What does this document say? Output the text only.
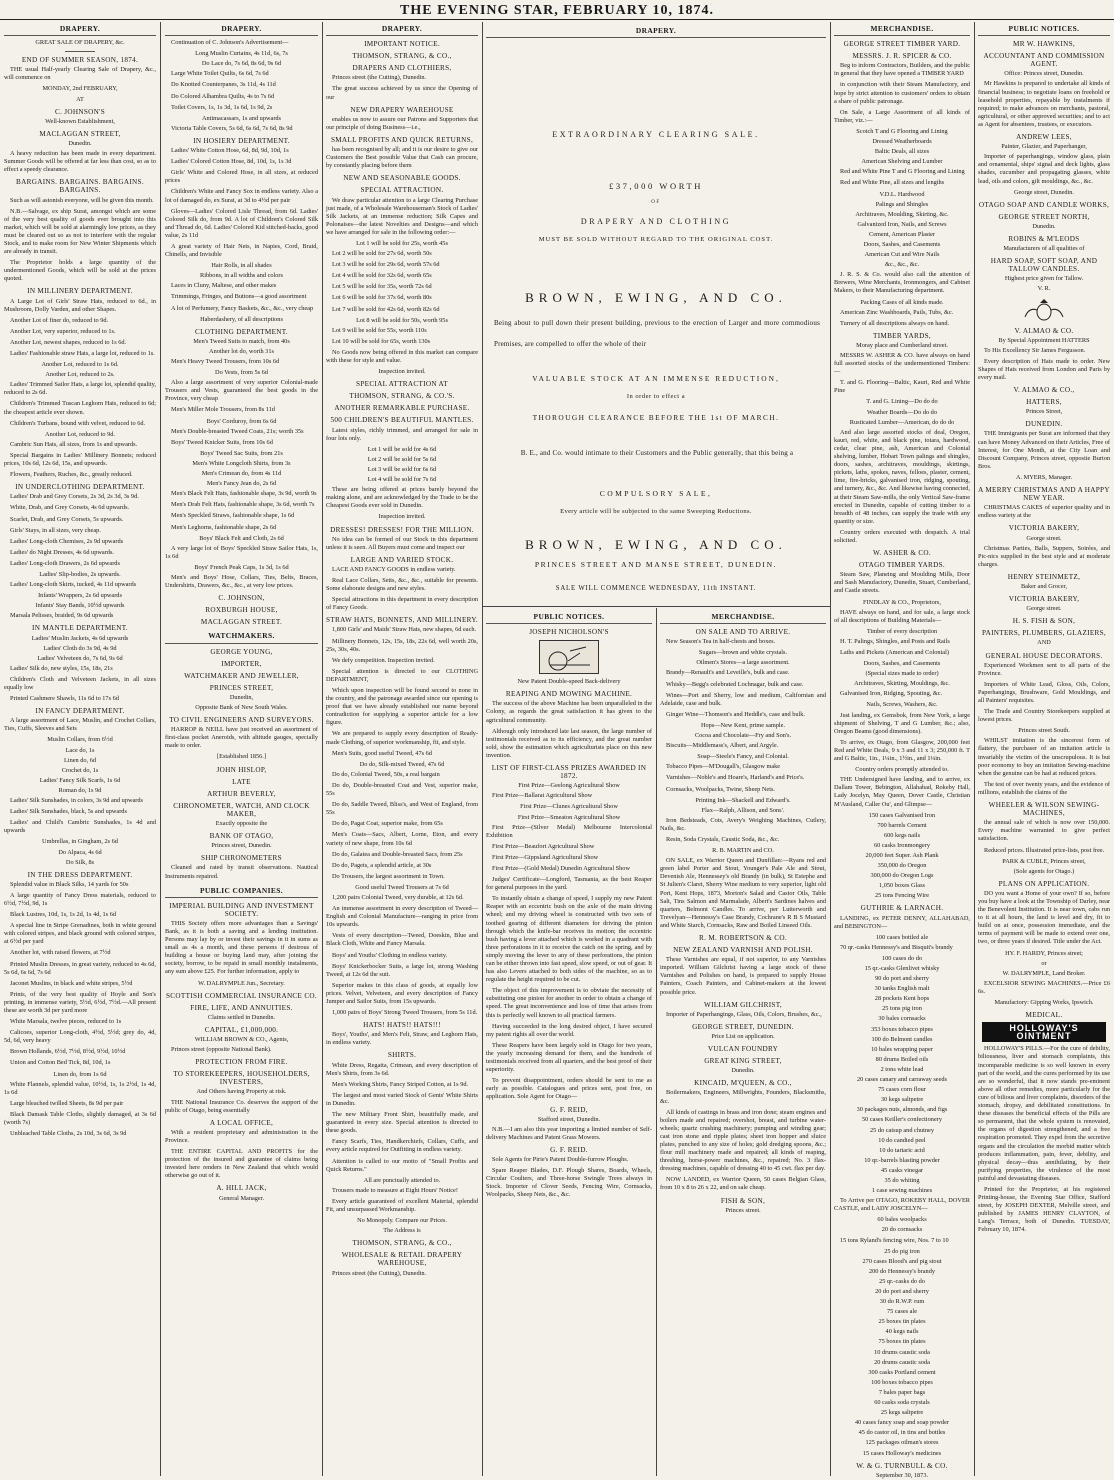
THE EVENING STAR, FEBRUARY 10, 1874.
DRAPERY.
GREAT SALE OF DRAPERY, &c.
END OF SUMMER SEASON, 1874.
THE usual Half-yearly Clearing Sale of Drapery, &c., will commence on
MONDAY, 2nd FEBRUARY,
AT
C. JOHNSON'S
Well-known Establishment,
MACLAGGAN STREET,
Dunedin.
A heavy reduction has been made in every department. Summer Goods will be offered at far less than cost, so as to effect a speedy clearance.
BARGAINS. BARGAINS. BARGAINS. BARGAINS.
Such as will astonish everyone, will be given this month.
N.B.—Salvage, ex ship Surat, amongst which are some of the very best quality of goods ever brought into this market, which will be sold at alarmingly low prices, as they must be cleared out so as not to interfere with the regular Stock, and to make room for New Winter Shipments which are already in transit.
The Proprietor holds a large quantity of the undermentioned Goods, which will be sold at the prices quoted.
IN MILLINERY DEPARTMENT.
A Large Lot of Girls' Straw Hats, reduced to 6d., in Mushroom, Dolly Varden, and other Shapes.
Another Lot of finer do, reduced to 9d.
Another Lot, very superior, reduced to 1s.
Another Lot, newest shapes, reduced to 1s 6d.
Ladies' Fashionable straw Hats, a large lot, reduced to 1s.
Another Lot, reduced to 1s 6d.
Another Lot, reduced to 2s.
Ladies' Trimmed Sailor Hats, a large lot, splendid quality, reduced to 2s 6d.
Children's Trimmed Tuscan Leghorn Hats, reduced to 6d; the cheapest article ever shown.
Children's Turbans, bound with velvet, reduced to 6d.
Another Lot, reduced to 9d.
Cambric Sun Hats, all sizes, from 1s and upwards.
Special Bargains in Ladies' Millinery Bonnets; reduced prices, 10s 6d, 12s 6d, 15s, and upwards.
Flowers, Feathers, Ruches, &c., greatly reduced.
IN UNDERCLOTHING DEPARTMENT.
Ladies' Drab and Grey Corsets, 2s 3d, 2s 3d, 3s 9d.
White, Drab, and Grey Corsets, 4s 6d upwards.
Scarlet, Drab, and Grey Corsets, 5s upwards.
Girls' Stays, in all sizes, very cheap.
Ladies' Long-cloth Chemises, 2s 9d upwards
Ladies' do Night Dresses, 4s 6d upwards.
Ladies' Long-cloth Drawers, 2s 6d upwards
Ladies' Slip-bodies, 2s upwards.
Ladies' Long-cloth Skirts, tucked, 4s 11d upwards
Infants' Wrappers, 2s 6d upwards
Infants' Stay Bands, 10½d upwards
Marsala Pelisses, braided, 9s 6d upwards
IN MANTLE DEPARTMENT.
Ladies' Muslin Jackets, 4s 6d upwards
Ladies' Cloth do 3s 9d, 4s 9d
Ladies' Velveteen do, 7s 6d, 9s 6d
Ladies' Silk do, new styles, 15s, 18s, 21s
Children's Cloth and Velveteen Jackets, in all sizes equally low
Printed Cashmere Shawls, 11s 6d to 17s 6d
IN FANCY DEPARTMENT.
A large assortment of Lace, Muslin, and Crochet Collars, Ties, Cuffs, Sleeves and Sets
Muslin Collars, from 6½d
Lace do, 1s
Linen do, 6d
Crochet do, 1s
Ladies' Fancy Silk Scarfs, 1s 6d
Roman do, 1s 9d
Ladies' Silk Sunshades, in colors, 3s 9d and upwards
Ladies' Silk Sunshades, black, 5s and upwards
Ladies' and Child's Cambric Sunshades, 1s 4d and upwards
Umbrellas, in Gingham, 2s 6d
Do Alpaca, 4s 6d
Do Silk, 8s
IN THE DRESS DEPARTMENT.
Splendid value in Black Silks, 14 yards for 50s
A large quantity of Fancy Dress materials, reduced to 6½d, 7½d, 9d, 1s
Black Lustres, 10d, 1s, 1s 2d, 1s 4d, 1s 6d
A special line in Stripe Grenadines, both in white ground with colored stripes, and black ground with colored stripes, at 6½d per yard
Another lot, with raised flowers, at 7½d
Printed Muslin Dresses, in great variety, reduced to 4s 6d, 5s 6d, 6s 6d, 7s 6d
Jaconet Muslins, in black and white stripes, 5½d
Prints, of the very best quality of Hoyle and Son's printing, in immense variety, 5½d, 6½d, 7½d.—All present these are worth 3d per yard more
White Marsala, twelve pieces, reduced to 1s
Calicoes, superior Long-cloth, 4½d, 5½d; grey do, 4d, 5d, 6d, very heavy
Brown Hollands, 6½d, 7½d, 8½d, 9½d, 10½d
Union and Cotton Bed Tick, 8d, 10d, 1s
Linen do, from 1s 6d
White Flannels, splendid value, 10½d, 1s, 1s 2½d, 1s 4d, 1s 6d
Large bleached twilled Sheets, 8s 9d per pair
Black Damask Table Cloths, slightly damaged, at 3s 6d (worth 7s)
Unbleached Table Cloths, 2s 10d, 3s 6d, 3s 9d
DRAPERY.
Continuation of C. Johnson's Advertisement—
Long Muslin Curtains, 4s 11d, 6s, 7s
Do Lace do, 7s 6d, 8s 6d, 9s 6d
Large White Toilet Quilts, 6s 6d, 7s 6d
Do Knotted Counterpanes, 3s 11d, 4s 11d
Do Colored Alhambra Quilts, 4s to 7s 6d
Toilet Covers, 1s, 1s 3d, 1s 6d, 1s 9d, 2s
Antimacassars, 1s and upwards
Victoria Table Covers, 5s 6d, 6s 6d, 7s 6d, 8s 9d
IN HOSIERY DEPARTMENT.
Ladies' White Cotton Hose, 6d, 8d, 9d, 10d, 1s
Ladies' Colored Cotton Hose, 8d, 10d, 1s, 1s 3d
Girls' White and Colored Hose, in all sizes, at reduced prices
Children's White and Fancy Sox in endless variety. Also a lot of damaged do, ex Surat, at 3d to 4½d per pair
Gloves—Ladies' Colored Lisle Thread, from 6d. Ladies' Colored Silk do, from 9d. A lot of Children's Colored Silk and Thread do, 6d. Ladies' Colored Kid stitched-backs, good value, 2s 11d
A great variety of Hair Nets, in Napies, Cord, Braid, Chinells, and Invisible
Hair Rolls, in all shades
Ribbons, in all widths and colors
Laces in Cluny, Maltese, and other makes
Trimmings, Fringes, and Buttons—a good assortment
A lot of Perfumery, Fancy Baskets, &c., &c., very cheap
Haberdashery, of all descriptions
CLOTHING DEPARTMENT.
Men's Tweed Suits to match, from 40s
Another lot do, worth 31s
Men's Heavy Tweed Trousers, from 10s 6d
Do Vests, from 5s 6d
Also a large assortment of very superior Colonial-made Trousers and Vests, guaranteed the best goods in the Province, very cheap
Men's Miller Mole Trousers, from 8s 11d
Boys' Corduroy, from 6s 6d
Men's Double-breasted Tweed Coats, 21s; worth 35s
Boys' Tweed Knicker Suits, from 10s 6d
Boys' Tweed Sac Suits, from 21s
Men's White Longcloth Shirts, from 3s
Men's Crimean do, from 4s 11d
Men's Fancy Jean do, 2s 6d
Men's Black Felt Hats, fashionable shape, 3s 9d, worth 9s
Men's Drab Felt Hats, fashionable shape, 3s 6d, worth 7s
Men's Speckled Straws, fashionable shape, 1s 6d
Men's Leghorns, fashionable shape, 2s 6d
Boys' Black Felt and Cloth, 2s 6d
A very large lot of Boys' Speckled Straw Sailor Hats, 1s, 1s 6d
Boys' French Peak Caps, 1s 3d, 1s 6d
Men's and Boys' Hose, Collars, Ties, Belts, Braces, Undershirts, Drawers, &c., &c., at very low prices.
C. JOHNSON,
ROXBURGH HOUSE,
MACLAGGAN STREET.
WATCHMAKERS.
GEORGE YOUNG,
IMPORTER,
WATCHMAKER AND JEWELLER,
PRINCES STREET,
Dunedin,
Opposite Bank of New South Wales.
TO CIVIL ENGINEERS AND SURVEYORS.
HARROP & NEILL have just received an assortment of first-class pocket Aneroids, with altitude gauges, specially made to order.
[Established 1856.]
JOHN HISLOP,
LATE
ARTHUR BEVERLY,
CHRONOMETER, WATCH, AND CLOCK MAKER,
Exactly opposite the
BANK OF OTAGO,
Princes street, Dunedin.
SHIP CHRONOMETERS
Cleaned and rated by transit observations. Nautical Instruments repaired.
PUBLIC COMPANIES.
IMPERIAL BUILDING AND INVESTMENT SOCIETY.
THIS Society offers more advantages than a Savings' Bank, as it is both a saving and a lending institution. Persons may lay by or invest their savings in it in sums as small as 4s a month, and these persons if desirous of building a house or buying land may, after joining the society, borrow, to be repaid in small monthly instalments, any sum above £25. For further information, apply to
W. DALRYMPLE Jun., Secretary.
SCOTTISH COMMERCIAL INSURANCE CO.
FIRE, LIFE, AND ANNUITIES.
Claims settled in Dunedin.
CAPITAL, £1,000,000.
WILLIAM BROWN & CO., Agents,
Princes street (opposite National Bank).
PROTECTION FROM FIRE.
TO STOREKEEPERS, HOUSEHOLDERS, INVESTERS,
And Others having Property at risk.
THE National Insurance Co. deserves the support of the public of Otago, being essentially
A LOCAL OFFICE,
With a resident proprietary and administration in the Province.
THE ENTIRE CAPITAL AND PROFITS for the protection of the insured and guarantee of claims being invested here renders in New Zealand that which would otherwise go out of it.
A. HILL JACK,
General Manager.
DRAPERY.
IMPORTANT NOTICE.
THOMSON, STRANG, & CO.,
DRAPERS AND CLOTHIERS,
Princes street (the Cutting), Dunedin.
The great success achieved by us since the Opening of our
NEW DRAPERY WAREHOUSE
enables us now to assure our Patrons and Supporters that our principle of doing Business—i.e.,
SMALL PROFITS AND QUICK RETURNS,
has been recognised by all; and it is our desire to give our Customers the Best possible Value that Cash can procure, by constantly placing before them
NEW AND SEASONABLE GOODS.
SPECIAL ATTRACTION.
We draw particular attention to a large Clearing Purchase just made, of a Wholesale Warehouseman's Stock of Ladies' Silk Jackets, at an immense reduction; Silk Capes and Polonaises—the latest Novelties and Designs—and which we have arranged for sale in the following order:—
Lot 1 will be sold for 25s, worth 45s
Lot 2 will be sold for 27s 6d, worth 50s
Lot 3 will be sold for 29s 6d, worth 57s 6d
Lot 4 will be sold for 32s 6d, worth 65s
Lot 5 will be sold for 35s, worth 72s 6d
Lot 6 will be sold for 37s 6d, worth 80s
Lot 7 will be sold for 42s 6d, worth 82s 6d
Lot 8 will be sold for 50s, worth 95s
Lot 9 will be sold for 55s, worth 110s
Lot 10 will be sold for 65s, worth 130s
No Goods now being offered in this market can compare with these for style and value.
Inspection invited.
SPECIAL ATTRACTION AT
THOMSON, STRANG, & CO.'S.
ANOTHER REMARKABLE PURCHASE.
500 CHILDREN'S BEAUTIFUL MANTLES.
Latest styles, richly trimmed, and arranged for sale in four lots only.
Lot 1 will be sold for 4s 6d
Lot 2 will be sold for 5s 6d
Lot 3 will be sold for 6s 6d
Lot 4 will be sold for 7s 6d
These are being offered at prices barely beyond the making alone, and are acknowledged by the Trade to be the Cheapest Goods ever sold in Dunedin.
Inspection invited.
DRESSES! DRESSES! FOR THE MILLION.
No idea can be formed of our Stock in this department unless it is seen. All Buyers must come and inspect our
LARGE AND VARIED STOCK.
LACE AND FANCY GOODS in endless variety.
Real Lace Collars, Setts, &c., &c., suitable for presents. Some elaborate designs and new styles.
Special attractions in this department in every description of Fancy Goods.
STRAW HATS, BONNETS, AND MILLINERY.
1,800 Girls' and Maids' Straw Hats, new shapes, 6d each.
Millinery Bonnets, 12s, 15s, 18s, 22s 6d, well worth 20s, 25s, 30s, 40s.
We defy competition. Inspection invited.
Special attention is directed to our CLOTHING DEPARTMENT,
Which upon inspection will be found second to none in the country, and the patronage awarded since our opening is proof that we have already established our name beyond contradiction for supplying a superior article for a low figure.
We are prepared to supply every description of Ready-made Clothing, of superior workmanship, fit, and style.
Men's Suits, good useful Tweed, 47s 6d
Do do, Silk-mixed Tweed, 47s 6d
Do do, Colonial Tweed, 50s, a real bargain
Do do, Double-breasted Coat and Vest, superior make, 55s
Do do, Saddle Tweed, Bliss's, and West of England, from 55s
Do do, Pagat Coat, superior make, from 65s
Men's Coats—Sacs, Albert, Lorne, Eton, and every variety of new shape, from 10s 6d
Do do, Galatea and Double-breasted Sacs, from 25s
Do do, Pagets, a splendid article, at 30s
Do Trousers, the largest assortment in Town.
Good useful Tweed Trousers at 7s 6d
1,200 pairs Colonial Tweed, very durable, at 12s 6d.
An immense assortment in every description of Tweed—English and Colonial Manufacture—ranging in price from 10s upwards.
Vests of every description—Tweed, Doeskin, Blue and Black Cloth, White and Fancy Marsala.
Boys' and Youths' Clothing in endless variety.
Boys' Knickerbocker Suits, a large lot, strong Washing Tweed, at 12s 6d the suit.
Superior makes in this class of goods, at equally low prices. Velvet, Velveteen, and every description of Fancy Jumper and Sailor Suits, from 15s upwards.
1,000 pairs of Boys' Strong Tweed Trousers, from 5s 11d.
HATS! HATS!! HATS!!!
Boys', Youths', and Men's Felt, Straw, and Leghorn Hats, in endless variety.
SHIRTS.
White Dress, Regatta, Crimean, and every description of Men's Shirts, from 3s 6d.
Men's Working Shirts, Fancy Striped Cotton, at 1s 9d.
The largest and most varied Stock of Gents' White Shirts in Dunedin.
The new Military Front Shirt, beautifully made, and guaranteed in every size. Special attention is directed to these goods.
Fancy Scarfs, Ties, Handkerchiefs, Collars, Cuffs, and every article required for Outfitting in endless variety.
Attention is called to our motto of "Small Profits and Quick Returns."
All are punctually attended to.
Trousers made to measure at Eight Hours' Notice!
Every article guaranteed of excellent Material, splendid Fit, and unsurpassed Workmanship.
No Monopoly. Compare our Prices.
The Address is
THOMSON, STRANG, & CO.,
WHOLESALE & RETAIL DRAPERY WAREHOUSE,
Princes street (the Cutting), Dunedin.
DRAPERY.
EXTRAORDINARY CLEARING SALE.
£37,000 WORTH
OF
DRAPERY AND CLOTHING
MUST BE SOLD WITHOUT REGARD TO THE ORIGINAL COST.
BROWN, EWING, AND CO.
Being about to pull down their present building, previous to the erection of Larger and more commodious Premises, are compelled to offer the whole of their
VALUABLE STOCK AT AN IMMENSE REDUCTION,
In order to effect a
THOROUGH CLEARANCE BEFORE THE 1st OF MARCH.
B. E., and Co. would intimate to their Customers and the Public generally, that this being a
COMPULSORY SALE,
Every article will be subjected to the same Sweeping Reductions.
BROWN, EWING, AND CO.
PRINCES STREET AND MANSE STREET, DUNEDIN.
SALE WILL COMMENCE WEDNESDAY, 11th INSTANT.
PUBLIC NOTICES.
JOSEPH NICHOLSON'S
New Patent Double-speed Back-delivery
REAPING AND MOWING MACHINE.
The success of the above Machine has been unparalleled in the Colony, as regards the great satisfaction it has given to the agricultural community.
Although only introduced late last season, the large number of testimonials received as to its efficiency, and the great number sold, show the estimation which agriculturists place on this new invention.
LIST OF FIRST-CLASS PRIZES AWARDED IN 1872.
First Prize—Geelong Agricultural Show
First Prize—Ballarat Agricultural Show
First Prize—Clunes Agricultural Show
First Prize—Smeaton Agricultural Show
First Prize—(Silver Medal) Melbourne Intercolonial Exhibition
First Prize—Beaufort Agricultural Show
First Prize—Gippsland Agricultural Show
First Prize—(Gold Medal) Dunedin Agricultural Show
Judges' Certificate—Longford, Tasmania, as the best Reaper for general purposes in the yard.
To instantly obtain a change of speed, I supply my new Patent Reaper with an eccentric bush on the axle of the main driving wheel; and my driving wheel is constructed with two sets of toothed gearing of different diameters for driving the pinion through which the knife-bar receives its motion; the eccentric bush having a lever attached which is worked in a quadrant with three perforations in it to receive the catch on the spring, and by simply moving the lever to any of these perforations, the pinion can be either thrown into fast speed, slow speed, or out of gear. It has also Levers attached to both sides of the machine, so as to regulate the height required to be cut.
The object of this improvement is to obviate the necessity of substituting one pinion for another in order to obtain a change of speed. The great inconvenience and loss of time that arises from this is perfectly well known to all practical farmers.
Having succeeded in the long desired object, I have secured my patent rights all over the world.
These Reapers have been largely sold in Otago for two years, the yearly increasing demand for them, and the hundreds of testimonials received from all quarters, and the best proof of their superiority.
To prevent disappointment, orders should be sent to me as early as possible. Catalogues and prices sent, post free, on application. Sole Agent for Otago—
G. F. REID,
Stafford street, Dunedin.
N.B.—I am also this year importing a limited number of Self-delivery Machines and Patent Grass Mowers.
G. F. REID.
Sole Agents for Pirie's Patent Double-furrow Ploughs.
Spare Reaper Blades, D.F. Plough Shares, Boards, Wheels, Circular Coulters, and Three-horse Swingle Trees always in Stock. Importer of Clover Seeds, Fencing Wire, Cornsacks, Woolpacks, Sheep Nets, &c., &c.
MERCHANDISE.
ON SALE AND TO ARRIVE.
New Season's Tea in half-chests and boxes.
Sugars—brown and white crystals.
Oilmen's Stores—a large assortment.
Brandy—Renault's and Leveille's, bulk and case.
Whisky—Begg's celebrated Lochnagar, bulk and case.
Wines—Port and Sherry, low and medium, Californian and Adelaide, case and bulk.
Ginger Wine—Thomson's and Heddle's, case and bulk.
Hops—New Kent, prime sample.
Cocoa and Chocolate—Fry and Son's.
Biscuits—Middlemass's, Albert, and Argyle.
Soap—Steele's Fancy, and Colonial.
Tobacco Pipes—M'Dougall's, Glasgow make
Varnishes—Noble's and Hoare's, Harland's and Price's.
Cornsacks, Woolpacks, Twine, Sheep Nets.
Printing Ink—Shackell and Edward's.
Flax—Ralph, Allison, and Sons'.
Iron Bedsteads, Cots, Avery's Weighing Machines, Cutlery, Nails, &c.
Resin, Soda Crystals, Caustic Soda, &c., &c.
R. B. MARTIN and CO.
ON SALE, ex Warrior Queen and Dunfillan:—Ryans red and green label Porter and Stout, Younger's Pale Ale and Stout, Devenish Ale, Hennessey's old Brandy (in bulk), St Estephe and St Julien's Claret, Sherry Wine medium to very superior, light old Port, Kent Hops, 1873, Morton's Salad and Castor Oils, Table Salt, Tins Salmon and Marmalade, Albert's Sardines halves and quarters, Belmont Candles. To arrive, per Lutterworth and Trevelyan—Hennessy's Case Brandy, Cochrane's R B S Mustard and White Starch, Cornsacks, Raw and Boiled Linseed Oils.
R. M. ROBERTSON & CO.
NEW ZEALAND VARNISH AND POLISH.
These Varnishes are equal, if not superior, to any Varnishes imported. William Gilchrist having a large stock of these Varnishes and Polishes on hand, is prepared to supply House Painters, Coach Painters, and Cabinet-makers at the lowest possible price.
WILLIAM GILCHRIST,
Importer of Paperhangings, Glass, Oils, Colors, Brushes, &c.,
GEORGE STREET, DUNEDIN.
Price List on application.
VULCAN FOUNDRY
GREAT KING STREET,
Dunedin.
KINCAID, M'QUEEN, & CO.,
Boilermakers, Engineers, Millwrights, Founders, Blacksmiths, &c.
All kinds of castings in brass and iron done; steam engines and boilers made and repaired; overshot, breast, and turbine water-wheels; quartz crushing machinery; pumping and winding gear; cast iron stone and ripple plates; sheet iron hopper and sluice plates, punched to any size of holes; gold dredging spoons, &c.; flour mill machinery made and repaired; all kinds of reaping, threshing, horse-power machines, &c., repaired; No. 3 flax-dressing machines, capable of dressing 40 to 45 cwt. flax per day.
NOW LANDED, ex Warrior Queen, 50 cases Belgian Glass, from 10 x 8 to 26 x 22, and on sale cheap.
FISH & SON,
Princes street.
MERCHANDISE.
GEORGE STREET TIMBER YARD.
MESSRS. J. R. SPICER & CO.
Beg to inform Contractors, Builders, and the public in general that they have opened a TIMBER YARD
in conjunction with their Steam Manufactory, and hope by strict attention to customers' orders to obtain a share of public patronage.
On Sale, a Large Assortment of all kinds of Timber, viz.:—
Scotch T and G Flooring and Lining
Dressed Weatherboards
Baltic Deals, all sizes
American Shelving and Lumber
Red and White Pine T and G Flooring and Lining
Red and White Pine, all sizes and lengths
V.D.L. Hardwood
Palings and Shingles
Architraves, Moulding, Skirting, &c.
Galvanized Iron, Nails, and Screws
Cement, American Plaster
Doors, Sashes, and Casements
American Cut and Wire Nails
&c., &c., &c.
J. R. S. & Co. would also call the attention of Brewers, Wine Merchants, Ironmongers, and Cabinet Makers, to their Manufacturing department.
Packing Cases of all kinds made.
American Zinc Washboards, Pails, Tubs, &c.
Turnery of all descriptions always on hand.
TIMBER YARDS,
Moray place and Cumberland street.
MESSRS W. ASHER & CO. have always on hand full assorted stocks of the undermentioned Timbers:—
T. and G. Flooring—Baltic, Kauri, Red and White Pine
T. and G. Lining—Do do do
Weather Boards—Do do do
Rusticated Lumber—American, do do do
And also large assorted stocks of deal, Oregon, kauri, red, white, and black pine, totara, hardwood, cedar, clear pine, ash, American and Colonial shelving, lumber, Hobart Town palings and shingles, doors, sashes, architraves, mouldings, skirtings, pickets, laths, spokes, naves, felloes, plaster, cement, lime, fire-bricks, galvanised iron, ridging, spouting, and turnery, &c., &c. And likewise having connected, at their Steam Saw-mills, the only Vertical Saw-frame erected in Dunedin, capable of cutting timber to a breadth of 48 inches, can supply the trade with any quantity or size.
Country orders executed with despatch. A trial solicited.
W. ASHER & CO.
OTAGO TIMBER YARDS.
Steam Saw, Planeing and Moulding Mills, Door and Sash Manufactory, Dunedin, Stuart, Cumberland, and Castle streets.
FINDLAY & CO., Proprietors,
HAVE always on hand, and for sale, a large stock of all descriptions of Building Materials—
Timber of every description
H. T. Palings, Shingles, and Posts and Rails
Laths and Pickets (American and Colonial)
Doors, Sashes, and Casements
(Special sizes made to order)
Architraves, Skirting, Mouldings, &c.
Galvanised Iron, Ridging, Spouting, &c.
Nails, Screws, Washers, &c.
Just landing, ex Gemsbok, from New York, a large shipment of Shelving, T and G Lumber, &c.; also, Oregon Beams (good dimensions).
To arrive, ex Otago, from Glasgow, 200,000 feet Red and White Deals, 9 x 3 and 11 x 3; 250,000 ft. T and G Baltic, 1in., 1¼in., 1½in., and 1¼in.
Country orders promptly attended to.
THE Undersigned have landing, and to arrive, ex Dallam Tower, Bebington, Allahabad, Rokeby Hall, Lady Jocelyn, May Queen, Dover Castle, Christian M'Ausland, Caller Ou', and Glimpse—
150 cases Galvanised Iron
700 barrels Cement
600 kegs nails
60 casks Ironmongery
20,000 feet Super. Ash Plank
350,000 do Oregon
300,000 do Oregon Logs
1,050 boxes Glass
25 tons Fencing Wire
GUTHRIE & LARNACH.
LANDING, ex PETER DENNY, ALLAHABAD, and BEBINGTON—
100 cases bottled ale
70 qr.-casks Hennessy's and Bisquit's brandy
100 cases do do
15 qr.-casks Glenlivet whisky
90 do port and sherry
30 tanks English malt
28 pockets Kent hops
25 tons pig iron
30 bales cornsacks
353 boxes tobacco pipes
100 do Belmont candles
10 bales wrapping paper
80 drums Boiled oils
2 tons white lead
20 cases canary and carraway seeds
75 cases corn flour
30 kegs saltpetre
30 packages nuts, almonds, and figs
50 cases Keiller's confectionery
25 do catsup and chutney
10 do candied peel
10 do tartaric acid
10 qr.-barrels blasting powder
45 casks vinegar
35 do whiting
1 case sewing machines
To Arrive per OTAGO, ROKEBY HALL, DOVER CASTLE, and LADY JOSCELYN—
60 bales woolpacks
20 do cornsacks
15 tons Ryland's fencing wire, Nos. 7 to 10
25 do pig iron
270 cases Blood's and pig stout
200 do Hennessy's brandy
25 qr.-casks do do
20 do port and sherry
30 do R.W.P. rum
75 cases ale
25 boxes tin plates
40 kegs nails
75 boxes tin plates
10 drums caustic soda
20 drums caustic soda
300 casks Portland cement
100 boxes tobacco pipes
7 bales paper bags
60 casks soda crystals
25 kegs saltpetre
40 cases fancy soap and soap powder
45 do castor oil, in tins and bottles
125 packages oilman's stores
15 cases Holloway's medicines
W. & G. TURNBULL & CO.
September 30, 1873.
PUBLIC NOTICES.
MR W. HAWKINS,
ACCOUNTANT AND COMMISSION AGENT.
Office: Princes street, Dunedin.
Mr Hawkins is prepared to undertake all kinds of financial business; to negotiate loans on freehold or leasehold properties, repayable by instalments if required; to make advances on merchants, pastoral, agricultural, or other approved securities; and to act as Agent for absentees, trustees, or executors.
ANDREW LEES,
Painter, Glazier, and Paperhanger,
Importer of paperhangings, window glass, plain and ornamental, ships' signal and deck lights, glass shades, cucumber and propagating glasses, white lead, oils and colors, gilt mouldings, &c., &c.
George street, Dunedin.
OTAGO SOAP AND CANDLE WORKS,
GEORGE STREET NORTH,
Dunedin.
ROBINS & M'LEODS
Manufacturers of all qualities of
HARD SOAP, SOFT SOAP, AND TALLOW CANDLES.
Highest price given for Tallow.
V. R.
V. ALMAO & CO.
By Special Appointment HATTERS
To His Excellency Sir James Fergusson.
Every description of Hats made to order. New Shapes of Hats received from London and Paris by every mail.
V. ALMAO & CO.,
HATTERS,
Princes Street,
DUNEDIN.
THE Immigrants per Surat are informed that they can have Money Advanced on their Articles, Free of Interest, for One Month, at the City Loan and Discount Company, Princes street, opposite Burton Bros.
A. MYERS, Manager.
A MERRY CHRISTMAS AND A HAPPY NEW YEAR.
CHRISTMAS CAKES of superior quality and in endless variety at the
VICTORIA BAKERY,
George street.
Christmas Parties, Balls, Suppers, Soirées, and Pic-nics supplied in the best style and at moderate charges.
HENRY STEINMETZ,
Baker and Grocer,
VICTORIA BAKERY,
George street.
H. S. FISH & SON,
PAINTERS, PLUMBERS, GLAZIERS,
AND
GENERAL HOUSE DECORATORS.
Experienced Workmen sent to all parts of the Province.
Importers of White Lead, Gloss, Oils, Colors, Paperhangings, Brushware, Gold Mouldings, and all Painters' requisites.
The Trade and Country Storekeepers supplied at lowest prices.
Princes street South.
WHILST imitation is the sincerest form of flattery, the purchaser of an imitation article is invariably the victim of the unscrupulous. It is but poor economy to buy an imitation Sewing-machine when the genuine can be had at reduced prices.
The test of over twenty years, and the evidence of millions, establish the claims of the
WHEELER & WILSON SEWING-MACHINES,
the annual sale of which is now over 150,000. Every machine warranted to give perfect satisfaction.
Reduced prices. Illustrated price-lists, post free.
PARK & CUBLE, Princes street,
(Sole agents for Otago.)
PLANS ON APPLICATION.
DO you want a Home of your own? If so, before you buy have a look at the Township of Darley, near the Benevolent Institution. It is near town, cabs run to it at all hours, the land is level and dry, fit to build on at once, possession immediate, and the terms of payment will be made to extend over one, two, or three years if desired. Title under the Act.
HY. F. HARDY, Princes street;
or
W. DALRYMPLE, Land Broker.
EXCELSIOR SEWING MACHINES.—Price £6 6s.
Manufactory: Gipping Works, Ipswich.
MEDICAL.
HOLLOWAY'S OINTMENT
HOLLOWAY'S PILLS.—For the cure of debility, biliousness, liver and stomach complaints, this incomparable medicine is so well known in every part of the world, and the cures performed by its use are so wonderful, that it now stands pre-eminent above all other remedies, more particularly for the cure of bilious and liver complaints, disorders of the stomach, dropsy, and debilitated constitutions. In these diseases the beneficial effects of the Pills are so permanent, that the whole system is renovated, the organs of digestion strengthened, and a free respiration promoted. They expel from the secretive organs and the circulation the morbid matter which produces inflammation, pain, fever, debility, and physical decay—thus annihilating, by their purifying properties, the virulence of the most painful and devastating diseases.
Printed for the Proprietor, at his registered Printing-house, the Evening Star Office, Stafford street, by JOSEPH DEXTER, Melville street, and published by JAMES HENRY CLAYTON, of Lang's Terrace, both of Dunedin. TUESDAY, February 10, 1874.
